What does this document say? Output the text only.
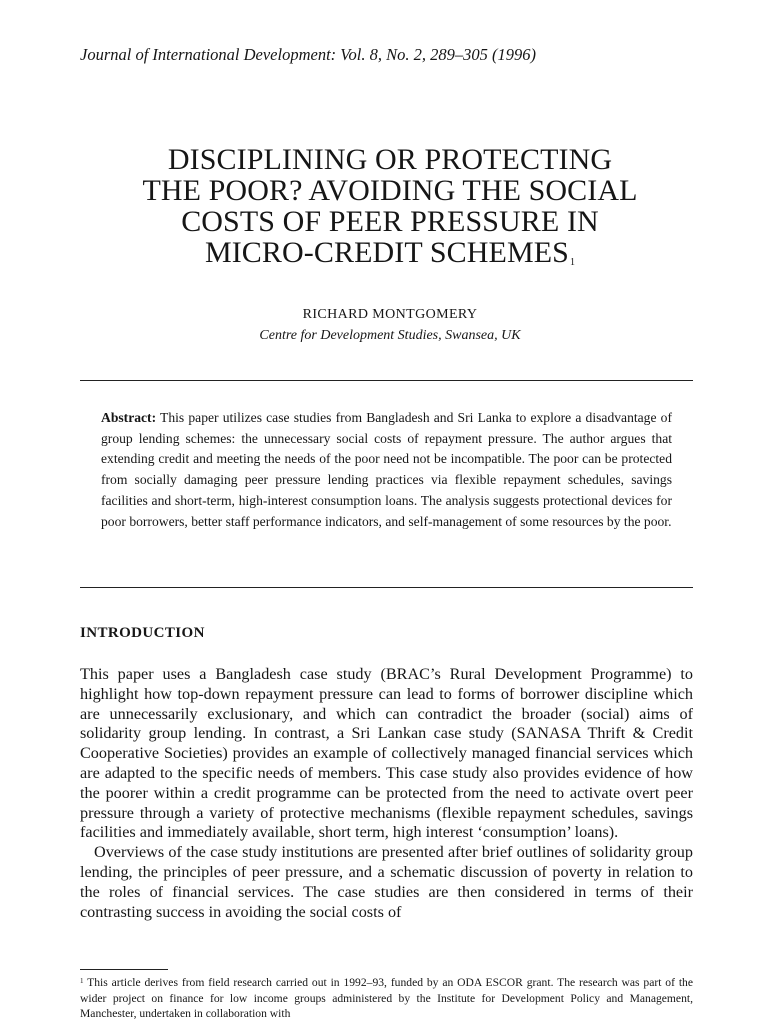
Journal of International Development: Vol. 8, No. 2, 289–305 (1996)
DISCIPLINING OR PROTECTING
THE POOR? AVOIDING THE SOCIAL
COSTS OF PEER PRESSURE IN
MICRO-CREDIT SCHEMES$^1$
RICHARD MONTGOMERY
Centre for Development Studies, Swansea, UK

Abstract: This paper utilizes case studies from Bangladesh and Sri Lanka to explore a disadvantage of group lending schemes: the unnecessary social costs of repayment pressure. The author argues that extending credit and meeting the needs of the poor need not be incompatible. The poor can be protected from socially damaging peer pressure lending practices via flexible repayment schedules, savings facilities and short-term, high-interest consumption loans. The analysis suggests protectional devices for poor borrowers, better staff performance indicators, and self-management of some resources by the poor.

INTRODUCTION

This paper uses a Bangladesh case study (BRAC’s Rural Development Programme) to highlight how top-down repayment pressure can lead to forms of borrower discipline which are unnecessarily exclusionary, and which can contradict the broader (social) aims of solidarity group lending. In contrast, a Sri Lankan case study (SANASA Thrift & Credit Cooperative Societies) provides an example of collectively managed financial services which are adapted to the specific needs of members. This case study also provides evidence of how the poorer within a credit programme can be protected from the need to activate overt peer pressure through a variety of protective mechanisms (flexible repayment schedules, savings facilities and immediately available, short term, high interest ‘consumption’ loans).

Overviews of the case study institutions are presented after brief outlines of solidarity group lending, the principles of peer pressure, and a schematic discussion of poverty in relation to the roles of financial services. The case studies are then considered in terms of their contrasting success in avoiding the social costs of

$^1$ This article derives from field research carried out in 1992–93, funded by an ODA ESCOR grant. The research was part of the wider project on finance for low income groups administered by the Institute for Development Policy and Management, Manchester, undertaken in collaboration with
